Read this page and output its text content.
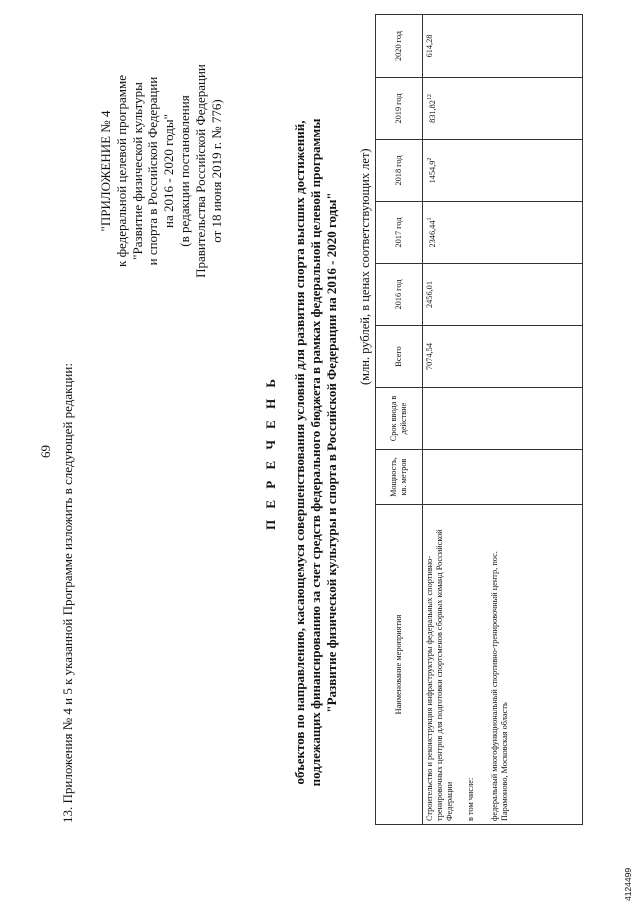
69 13. Приложения № 4 и 5 к указанной Программе изложить в следующей редакции:
"ПРИЛОЖЕНИЕ № 4 к федеральной целевой программе "Развитие физической культуры и спорта в Российской Федерации на 2016 - 2020 годы" (в редакции постановления Правительства Российской Федерации от 18 июня 2019 г. № 776)
П Е Р Е Ч Е Н Ь объектов по направлению, касающемуся совершенствования условий для развития спорта высших достижений, подлежащих финансированию за счет средств федерального бюджета в рамках федеральной целевой программы "Развитие физической культуры и спорта в Российской Федерации на 2016 - 2020 годы" (млн. рублей, в ценах соответствующих лет)
Наименование мероприятия	Мощность, кв. метров	Срок ввода в действие	Всего	2016 год	2017 год	2018 год	2019 год	2020 год

Строительство и реконструкция инфраструктуры федеральных спортивно-тренировочных центров для подготовки спортсменов сборных команд Российской Федерации в том числе: федеральный многофункциональный спортивно-тренировочный центр, пос. Парамоново, Московская область			7074,54	2456,01	2346,44$^1$	1454,9$^2$	831,82$^{12}$	614,28
4124499
